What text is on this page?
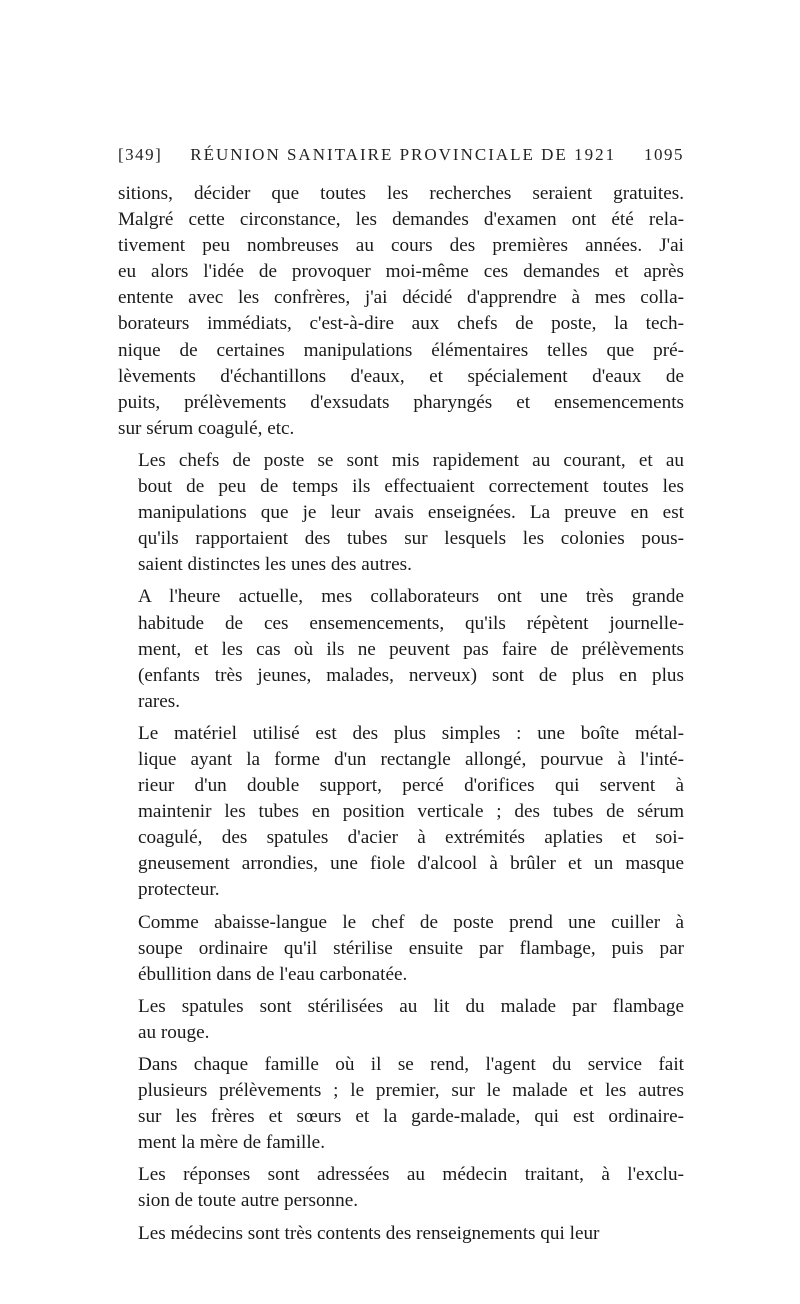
[349] RÉUNION SANITAIRE PROVINCIALE DE 1921 1095

sitions, décider que toutes les recherches seraient gratuites.
Malgré cette circonstance, les demandes d'examen ont été rela-
tivement peu nombreuses au cours des premières années. J'ai
eu alors l'idée de provoquer moi-même ces demandes et après
entente avec les confrères, j'ai décidé d'apprendre à mes colla-
borateurs immédiats, c'est-à-dire aux chefs de poste, la tech-
nique de certaines manipulations élémentaires telles que pré-
lèvements d'échantillons d'eaux, et spécialement d'eaux de
puits, prélèvements d'exsudats pharyngés et ensemencements
sur sérum coagulé, etc.

Les chefs de poste se sont mis rapidement au courant, et au
bout de peu de temps ils effectuaient correctement toutes les
manipulations que je leur avais enseignées. La preuve en est
qu'ils rapportaient des tubes sur lesquels les colonies pous-
saient distinctes les unes des autres.

A l'heure actuelle, mes collaborateurs ont une très grande
habitude de ces ensemencements, qu'ils répètent journelle-
ment, et les cas où ils ne peuvent pas faire de prélèvements
(enfants très jeunes, malades, nerveux) sont de plus en plus
rares.

Le matériel utilisé est des plus simples : une boîte métal-
lique ayant la forme d'un rectangle allongé, pourvue à l'inté-
rieur d'un double support, percé d'orifices qui servent à
maintenir les tubes en position verticale ; des tubes de sérum
coagulé, des spatules d'acier à extrémités aplaties et soi-
gneusement arrondies, une fiole d'alcool à brûler et un masque
protecteur.

Comme abaisse-langue le chef de poste prend une cuiller à
soupe ordinaire qu'il stérilise ensuite par flambage, puis par
ébullition dans de l'eau carbonatée.

Les spatules sont stérilisées au lit du malade par flambage
au rouge.

Dans chaque famille où il se rend, l'agent du service fait
plusieurs prélèvements ; le premier, sur le malade et les autres
sur les frères et sœurs et la garde-malade, qui est ordinaire-
ment la mère de famille.

Les réponses sont adressées au médecin traitant, à l'exclu-
sion de toute autre personne.

Les médecins sont très contents des renseignements qui leur
